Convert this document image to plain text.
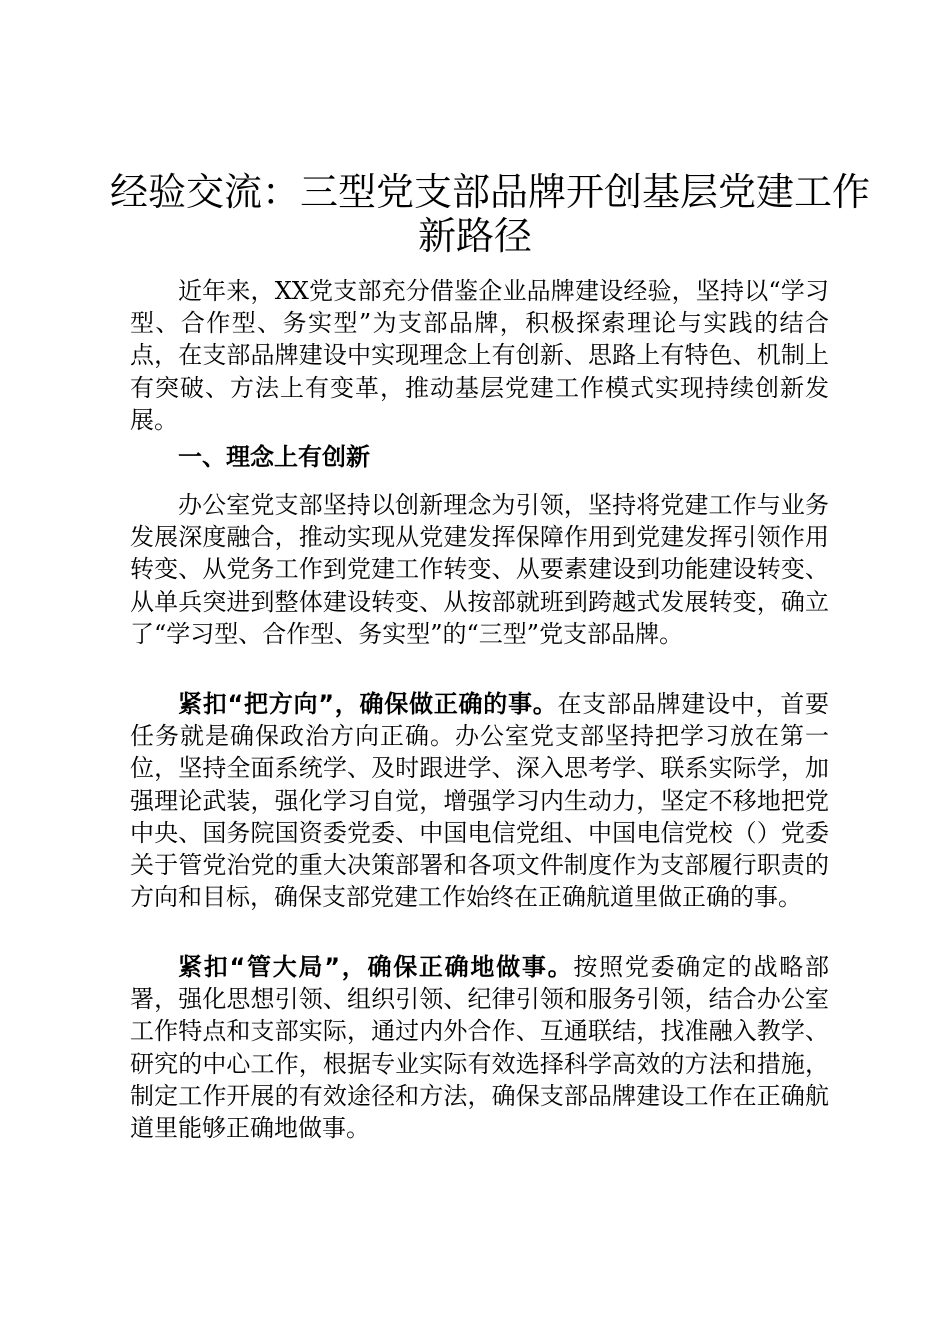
经验交流：三型党支部品牌开创基层党建工作
新路径

近年来，XX党支部充分借鉴企业品牌建设经验，坚持以“学习型、合作型、务实型”为支部品牌，积极探索理论与实践的结合点，在支部品牌建设中实现理念上有创新、思路上有特色、机制上有突破、方法上有变革，推动基层党建工作模式实现持续创新发展。

一、理念上有创新

办公室党支部坚持以创新理念为引领，坚持将党建工作与业务发展深度融合，推动实现从党建发挥保障作用到党建发挥引领作用转变、从党务工作到党建工作转变、从要素建设到功能建设转变、从单兵突进到整体建设转变、从按部就班到跨越式发展转变，确立了“学习型、合作型、务实型”的“三型”党支部品牌。

紧扣“把方向”，确保做正确的事。在支部品牌建设中，首要任务就是确保政治方向正确。办公室党支部坚持把学习放在第一位，坚持全面系统学、及时跟进学、深入思考学、联系实际学，加强理论武装，强化学习自觉，增强学习内生动力，坚定不移地把党中央、国务院国资委党委、中国电信党组、中国电信党校（）党委关于管党治党的重大决策部署和各项文件制度作为支部履行职责的方向和目标，确保支部党建工作始终在正确航道里做正确的事。

紧扣“管大局”，确保正确地做事。按照党委确定的战略部署，强化思想引领、组织引领、纪律引领和服务引领，结合办公室工作特点和支部实际，通过内外合作、互通联结，找准融入教学、研究的中心工作，根据专业实际有效选择科学高效的方法和措施，制定工作开展的有效途径和方法，确保支部品牌建设工作在正确航道里能够正确地做事。
